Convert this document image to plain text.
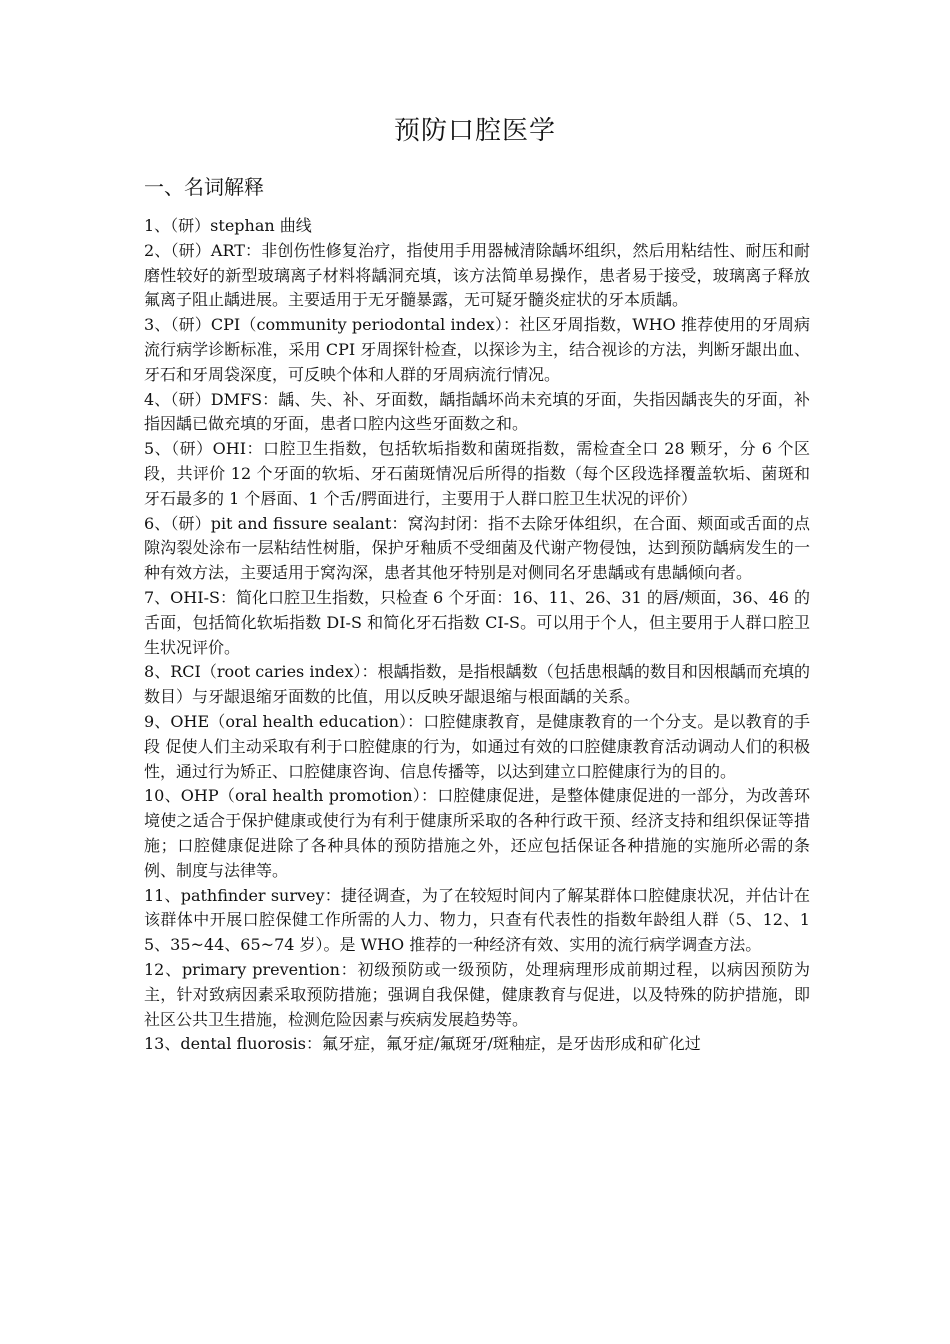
预防口腔医学
一、名词解释
1、（研）stephan 曲线
2、（研）ART：非创伤性修复治疗，指使用手用器械清除龋坏组织，然后用粘结性、耐压和耐磨性较好的新型玻璃离子材料将龋洞充填，该方法简单易操作，患者易于接受，玻璃离子释放氟离子阻止龋进展。主要适用于无牙髓暴露，无可疑牙髓炎症状的牙本质龋。
3、（研）CPI（community periodontal index）：社区牙周指数，WHO 推荐使用的牙周病流行病学诊断标准，采用 CPI 牙周探针检查，以探诊为主，结合视诊的方法，判断牙龈出血、牙石和牙周袋深度，可反映个体和人群的牙周病流行情况。
4、（研）DMFS：龋、失、补、牙面数，龋指龋坏尚未充填的牙面，失指因龋丧失的牙面，补指因龋已做充填的牙面，患者口腔内这些牙面数之和。
5、（研）OHI：口腔卫生指数，包括软垢指数和菌斑指数，需检查全口 28 颗牙，分 6 个区段，共评价 12 个牙面的软垢、牙石菌斑情况后所得的指数（每个区段选择覆盖软垢、菌斑和牙石最多的 1 个唇面、1 个舌/腭面进行，主要用于人群口腔卫生状况的评价）
6、（研）pit and fissure sealant：窝沟封闭：指不去除牙体组织，在合面、颊面或舌面的点隙沟裂处涂布一层粘结性树脂，保护牙釉质不受细菌及代谢产物侵蚀，达到预防龋病发生的一种有效方法，主要适用于窝沟深，患者其他牙特别是对侧同名牙患龋或有患龋倾向者。
7、OHI-S：简化口腔卫生指数，只检查 6 个牙面：16、11、26、31 的唇/颊面，36、46 的舌面，包括简化软垢指数 DI-S 和简化牙石指数 CI-S。可以用于个人，但主要用于人群口腔卫生状况评价。
8、RCI（root caries index）：根龋指数，是指根龋数（包括患根龋的数目和因根龋而充填的数目）与牙龈退缩牙面数的比值，用以反映牙龈退缩与根面龋的关系。
9、OHE（oral health education）：口腔健康教育，是健康教育的一个分支。是以教育的手段 促使人们主动采取有利于口腔健康的行为，如通过有效的口腔健康教育活动调动人们的积极性，通过行为矫正、口腔健康咨询、信息传播等，以达到建立口腔健康行为的目的。
10、OHP（oral health promotion）：口腔健康促进，是整体健康促进的一部分，为改善环境使之适合于保护健康或使行为有利于健康所采取的各种行政干预、经济支持和组织保证等措施；口腔健康促进除了各种具体的预防措施之外，还应包括保证各种措施的实施所必需的条例、制度与法律等。
11、pathfinder survey：捷径调查，为了在较短时间内了解某群体口腔健康状况，并估计在该群体中开展口腔保健工作所需的人力、物力，只查有代表性的指数年龄组人群（5、12、15、35~44、65~74 岁）。是 WHO 推荐的一种经济有效、实用的流行病学调查方法。
12、primary prevention：初级预防或一级预防，处理病理形成前期过程，以病因预防为主，针对致病因素采取预防措施；强调自我保健，健康教育与促进，以及特殊的防护措施，即社区公共卫生措施，检测危险因素与疾病发展趋势等。
13、dental fluorosis：氟牙症，氟牙症/氟斑牙/斑釉症，是牙齿形成和矿化过
